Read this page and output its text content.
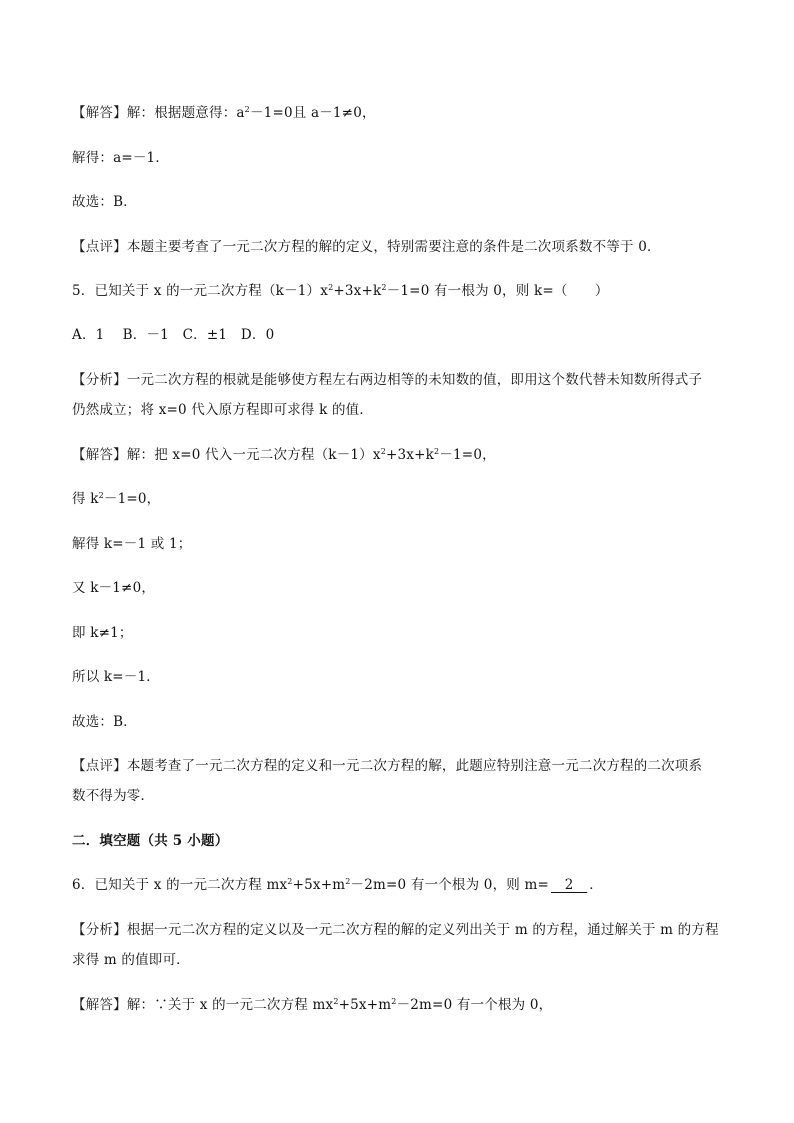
【解答】解：根据题意得：$a^2-1=0$且 a－1≠0，
解得：a=－1．
故选：B．
【点评】本题主要考查了一元二次方程的解的定义，特别需要注意的条件是二次项系数不等于 0．
5．已知关于 x 的一元二次方程$(k-1)x^2+3x+k^2-1=0$ 有一根为 0，则 k=（　　）
A．1　 B．－1　C．±1　D．0
【分析】一元二次方程的根就是能够使方程左右两边相等的未知数的值，即用这个数代替未知数所得式子
仍然成立；将 x=0 代入原方程即可求得 k 的值．
【解答】解：把 x=0 代入一元二次方程$(k-1)x^2+3x+k^2-1=0$，
得 $k^2-1=0$，
解得 k=－1 或 1；
又 k－1≠0，
即 k≠1；
所以 k=－1．
故选：B．
【点评】本题考查了一元二次方程的定义和一元二次方程的解，此题应特别注意一元二次方程的二次项系
数不得为零．
二．填空题（共 5 小题）
6．已知关于 x 的一元二次方程 $mx^2+5x+m^2-2m=0$ 有一个根为 0，则 m=　2　．
【分析】根据一元二次方程的定义以及一元二次方程的解的定义列出关于 m 的方程，通过解关于 m 的方程
求得 m 的值即可．
【解答】解：∵关于 x 的一元二次方程 $mx^2+5x+m^2-2m=0$ 有一个根为 0，
